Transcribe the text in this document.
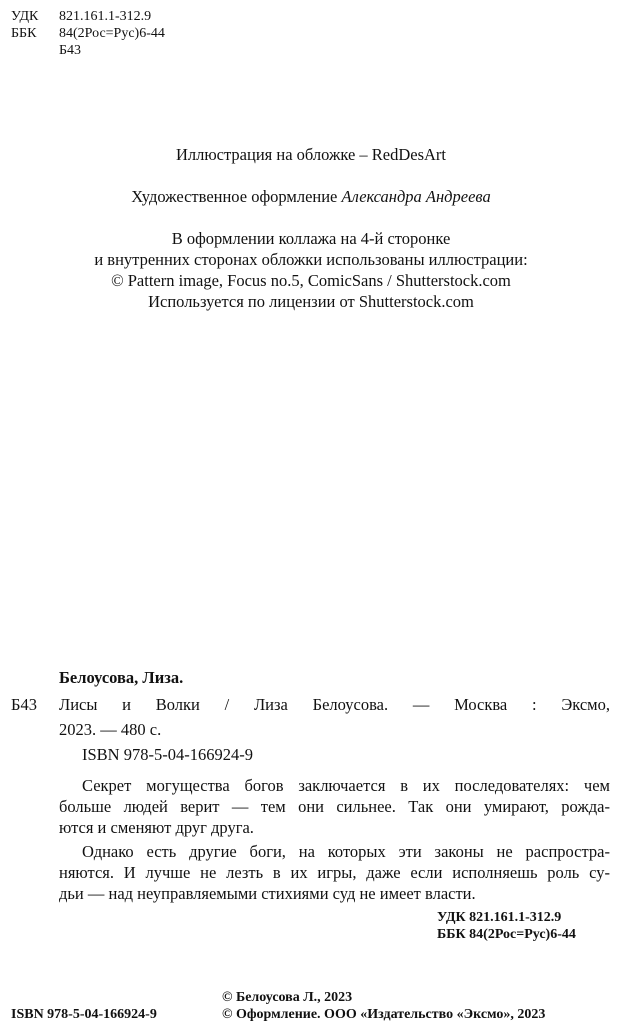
УДК 821.161.1-312.9
ББК 84(2Рос=Рус)6-44
Б43
Иллюстрация на обложке – RedDesArt
Художественное оформление Александра Андреева
В оформлении коллажа на 4-й сторонке
и внутренних сторонах обложки использованы иллюстрации:
© Pattern image, Focus no.5, ComicSans / Shutterstock.com
Используется по лицензии от Shutterstock.com
Белоусова, Лиза.
Б43 Лисы и Волки / Лиза Белоусова. — Москва : Эксмо,
2023. — 480 с.
ISBN 978-5-04-166924-9
Секрет могущества богов заключается в их последователях: чем
больше людей верит — тем они сильнее. Так они умирают, рожда-
ются и сменяют друг друга.
Однако есть другие боги, на которых эти законы не распростра-
няются. И лучше не лезть в их игры, даже если исполняешь роль су-
дьи — над неуправляемыми стихиями суд не имеет власти.
УДК 821.161.1-312.9
ББК 84(2Рос=Рус)6-44
© Белоусова Л., 2023
ISBN 978-5-04-166924-9	© Оформление. ООО «Издательство «Эксмо», 2023
